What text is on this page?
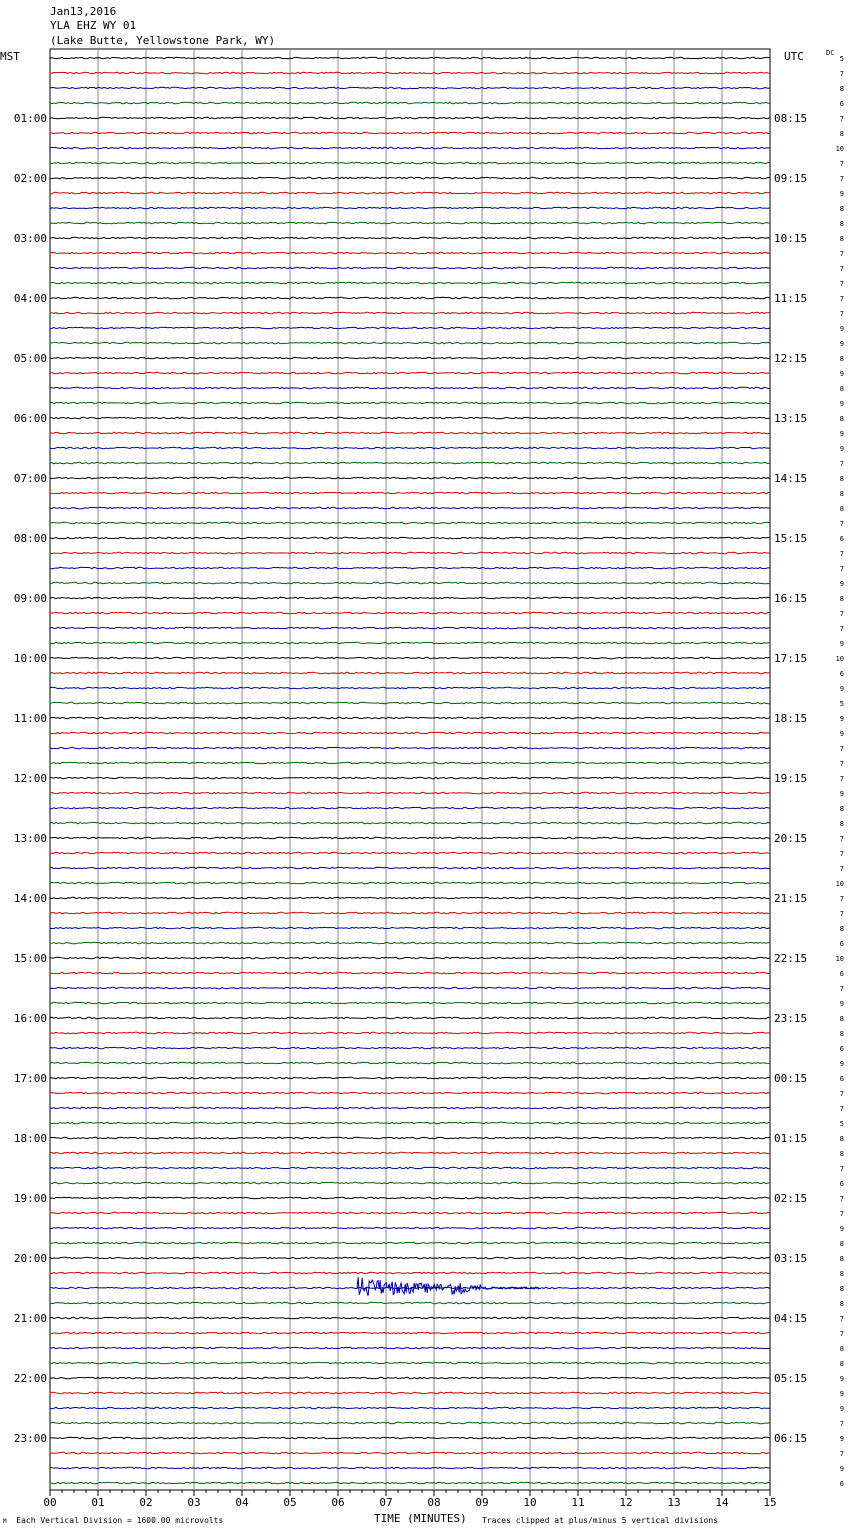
Jan13,2016
YLA EHZ WY 01
(Lake Butte, Yellowstone Park, WY)
MST	UTC	DC
5
7
8
6
7
8
10
7
7
9
8
8
8
7
7
7
7
7
9
9
8
9
8
9
8
9
9
7
8
8
8
7
6
7
7
9
8
7
7
9
10
6
9
5
9
9
7
7
7
9
8
8
7
7
7
10
7
7
8
6
10
6
7
9
8
8
6
9
6
7
7
5
8
8
7
6
7
7
9
8
8
8
8
8
7
7
8
8
9
9
9
7
9
7
9
6
01:00
02:00
03:00
04:00
05:00
06:00
07:00
08:00
09:00
10:00
11:00
12:00
13:00
14:00
15:00
16:00
17:00
18:00
19:00
20:00
21:00
22:00
23:00
08:15
09:15
10:15
11:15
12:15
13:15
14:15
15:15
16:15
17:15
18:15
19:15
20:15
21:15
22:15
23:15
00:15
01:15
02:15
03:15
04:15
05:15
06:15
00	01	02	03	04	05	06	07	08	09	10	11	12	13	14	15
M Each Vertical Division = 1600.00 microvolts	TIME (MINUTES) Traces clipped at plus/minus 5 vertical divisions
